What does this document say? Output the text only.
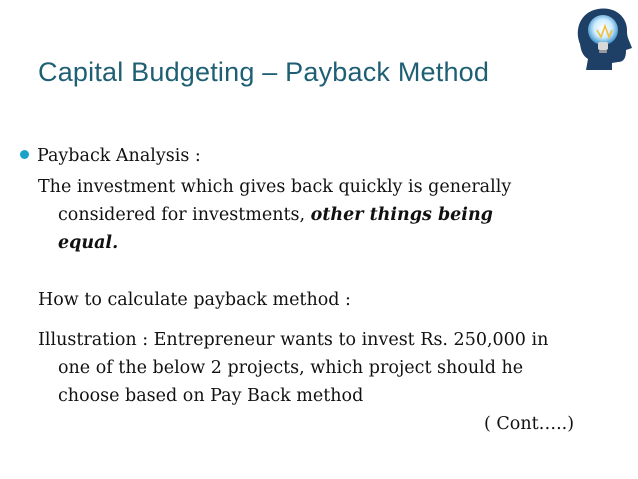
Capital Budgeting – Payback Method
Payback Analysis :
The investment which gives back quickly is generally
considered for investments, other things being
equal.
How to calculate payback method :
Illustration : Entrepreneur wants to invest Rs. 250,000 in
one of the below 2 projects, which project should he
choose based on Pay Back method
( Cont…..)
